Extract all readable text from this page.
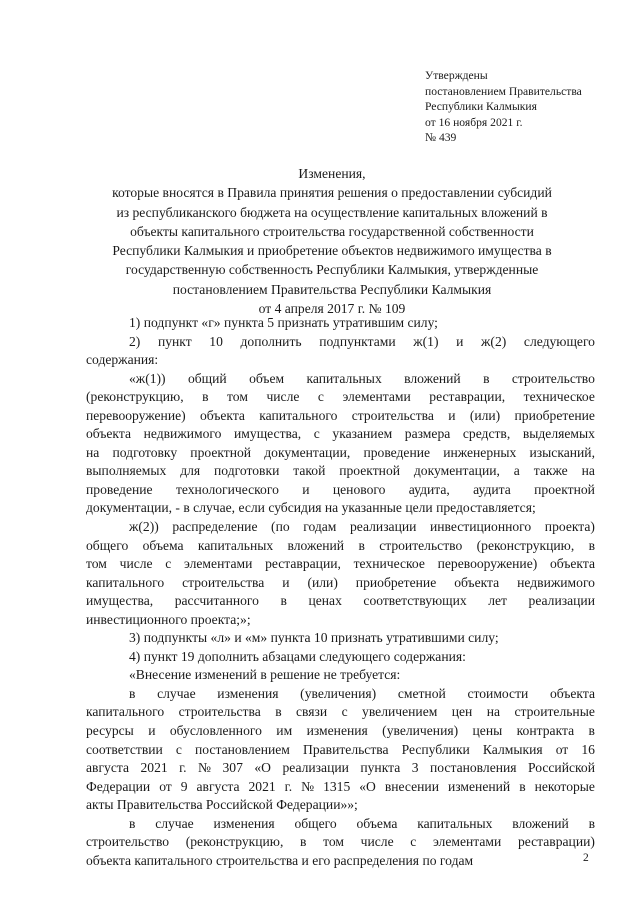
Утверждены
постановлением Правительства
Республики Калмыкия
от 16 ноября 2021 г.
№ 439
Изменения,
которые вносятся в Правила принятия решения о предоставлении субсидий
из республиканского бюджета на осуществление капитальных вложений в
объекты капитального строительства государственной собственности
Республики Калмыкия и приобретение объектов недвижимого имущества в
государственную собственность Республики Калмыкия, утвержденные
постановлением Правительства Республики Калмыкия
от 4 апреля 2017 г. № 109
1) подпункт «г» пункта 5 признать утратившим силу;
2) пункт 10 дополнить подпунктами ж(1) и ж(2) следующего
содержания:
«ж(1)) общий объем капитальных вложений в строительство
(реконструкцию, в том числе с элементами реставрации, техническое
перевооружение) объекта капитального строительства и (или) приобретение
объекта недвижимого имущества, с указанием размера средств, выделяемых
на подготовку проектной документации, проведение инженерных изысканий,
выполняемых для подготовки такой проектной документации, а также на
проведение технологического и ценового аудита, аудита проектной
документации, - в случае, если субсидия на указанные цели предоставляется;
ж(2)) распределение (по годам реализации инвестиционного проекта)
общего объема капитальных вложений в строительство (реконструкцию, в
том числе с элементами реставрации, техническое перевооружение) объекта
капитального строительства и (или) приобретение объекта недвижимого
имущества, рассчитанного в ценах соответствующих лет реализации
инвестиционного проекта;»;
3) подпункты «л» и «м» пункта 10 признать утратившими силу;
4) пункт 19 дополнить абзацами следующего содержания:
«Внесение изменений в решение не требуется:
в случае изменения (увеличения) сметной стоимости объекта
капитального строительства в связи с увеличением цен на строительные
ресурсы и обусловленного им изменения (увеличения) цены контракта в
соответствии с постановлением Правительства Республики Калмыкия от 16
августа 2021 г. № 307 «О реализации пункта 3 постановления Российской
Федерации от 9 августа 2021 г. № 1315 «О внесении изменений в некоторые
акты Правительства Российской Федерации»»;
в случае изменения общего объема капитальных вложений в
строительство (реконструкцию, в том числе с элементами реставрации)
объекта капитального строительства и его распределения по годам	2
